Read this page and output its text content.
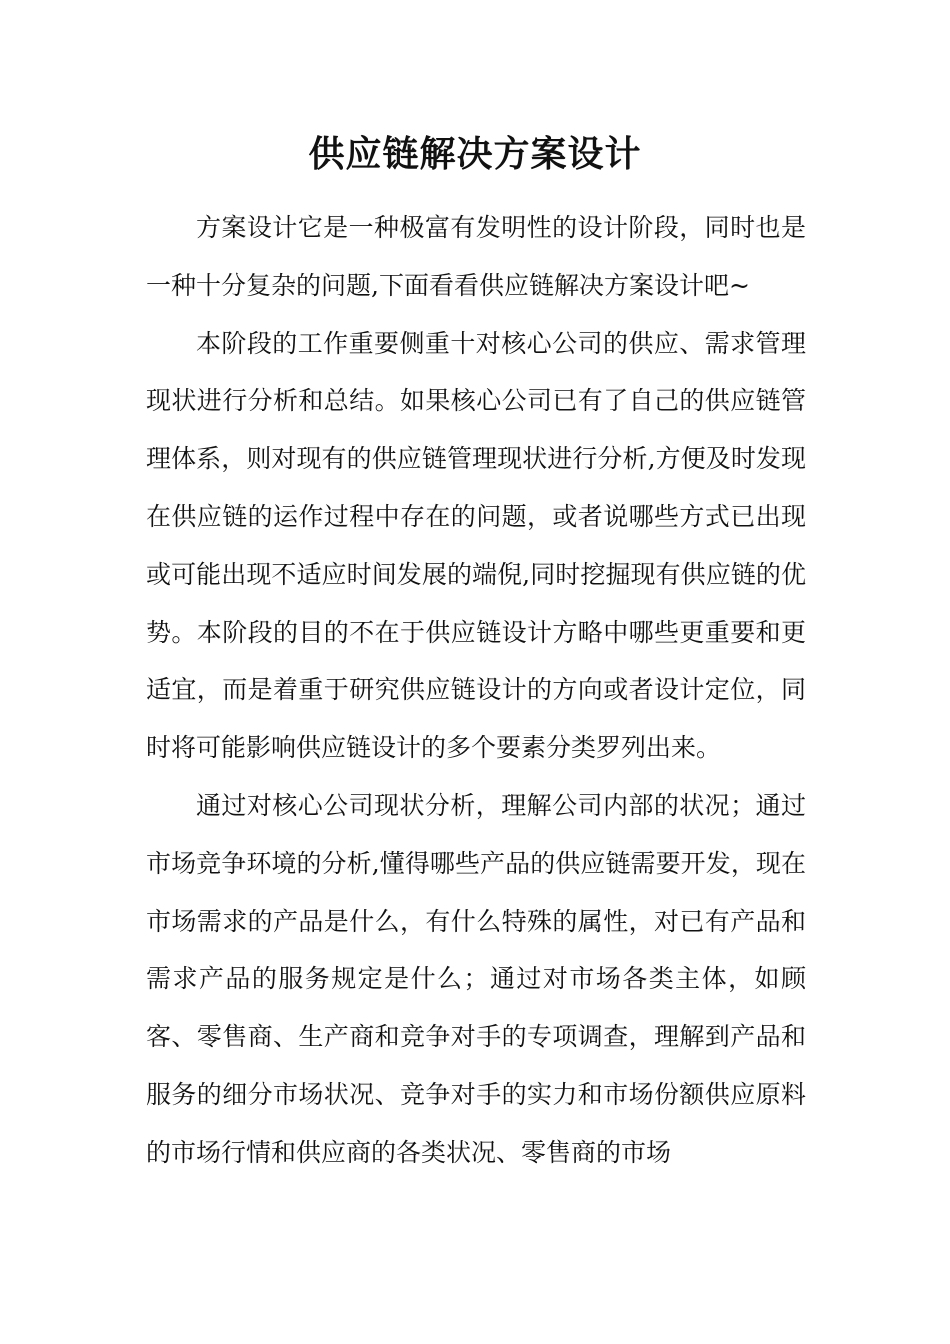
供应链解决方案设计

方案设计它是一种极富有发明性的设计阶段，同时也是一种十分复杂的问题,下面看看供应链解决方案设计吧~

本阶段的工作重要侧重十对核心公司的供应、需求管理现状进行分析和总结。如果核心公司已有了自己的供应链管理体系，则对现有的供应链管理现状进行分析,方便及时发现在供应链的运作过程中存在的问题，或者说哪些方式已出现或可能出现不适应时间发展的端倪,同时挖掘现有供应链的优势。本阶段的目的不在于供应链设计方略中哪些更重要和更适宜，而是着重于研究供应链设计的方向或者设计定位，同时将可能影响供应链设计的多个要素分类罗列出来。

通过对核心公司现状分析，理解公司内部的状况；通过市场竞争环境的分析,懂得哪些产品的供应链需要开发，现在市场需求的产品是什么，有什么特殊的属性，对已有产品和需求产品的服务规定是什么；通过对市场各类主体，如顾客、零售商、生产商和竞争对手的专项调查，理解到产品和服务的细分市场状况、竞争对手的实力和市场份额供应原料的市场行情和供应商的各类状况、零售商的市场
